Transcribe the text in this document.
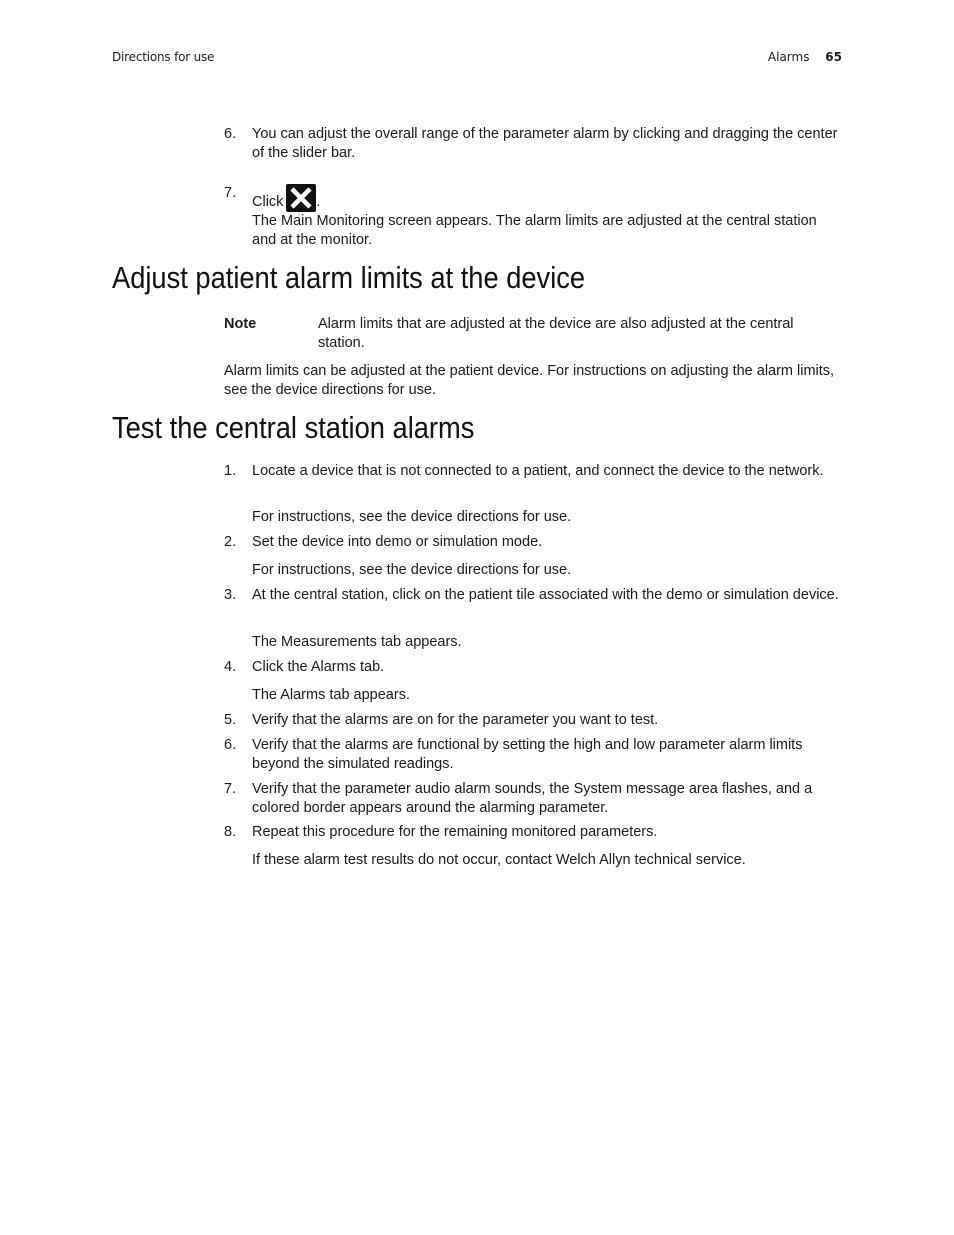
Directions for use	Alarms 65
6. You can adjust the overall range of the parameter alarm by clicking and dragging the center of the slider bar.
7.
Click .
The Main Monitoring screen appears. The alarm limits are adjusted at the central station and at the monitor.
Adjust patient alarm limits at the device
Note	Alarm limits that are adjusted at the device are also adjusted at the central station.
Alarm limits can be adjusted at the patient device. For instructions on adjusting the alarm limits, see the device directions for use.
Test the central station alarms
1. Locate a device that is not connected to a patient, and connect the device to the network.
For instructions, see the device directions for use.
2. Set the device into demo or simulation mode.
For instructions, see the device directions for use.
3. At the central station, click on the patient tile associated with the demo or simulation device.
The Measurements tab appears.
4. Click the Alarms tab.
The Alarms tab appears.
5. Verify that the alarms are on for the parameter you want to test.
6. Verify that the alarms are functional by setting the high and low parameter alarm limits beyond the simulated readings.
7. Verify that the parameter audio alarm sounds, the System message area flashes, and a colored border appears around the alarming parameter.
8. Repeat this procedure for the remaining monitored parameters.
If these alarm test results do not occur, contact Welch Allyn technical service.
